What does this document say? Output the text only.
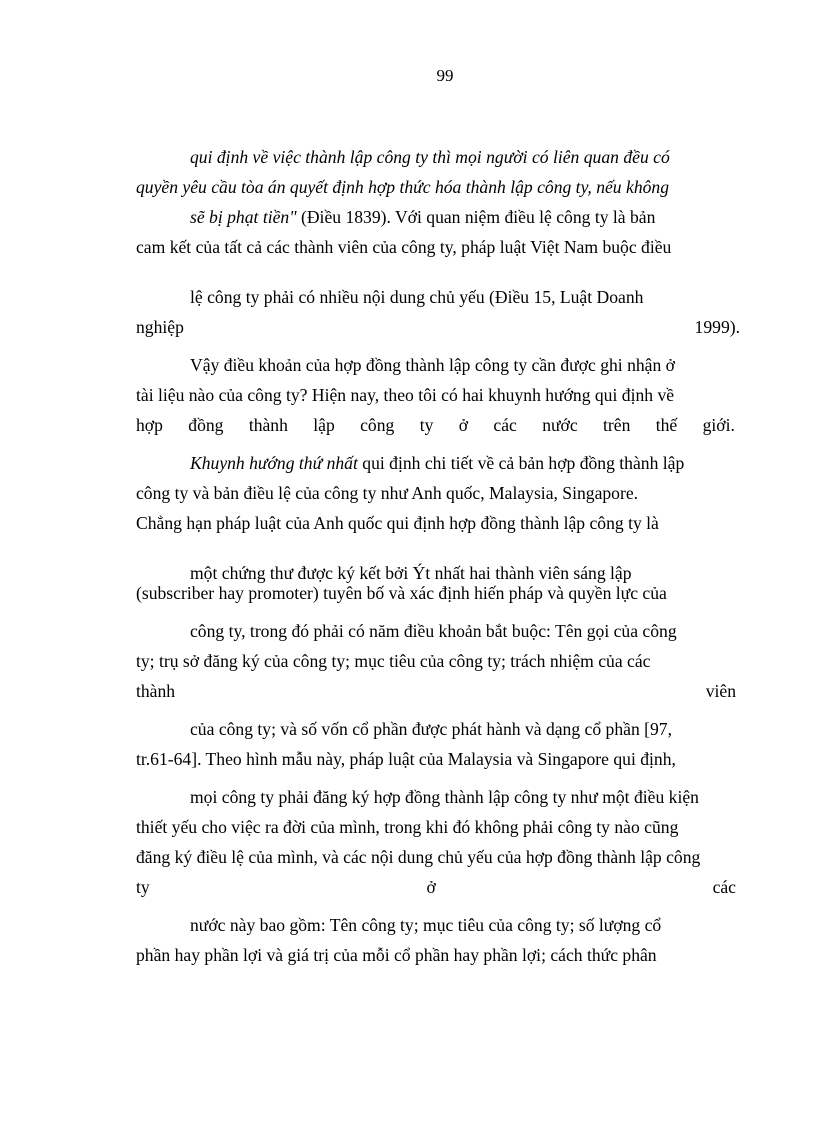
99
qui định về việc thành lập công ty thì mọi người có liên quan đều có
quyền yêu cầu tòa án quyết định hợp thức hóa thành lập công ty, nếu không
sẽ bị phạt tiền" (Điều 1839). Với quan niệm điều lệ công ty là bản
cam kết của tất cả các thành viên của công ty, pháp luật Việt Nam buộc điều
lệ công ty phải có nhiều nội dung chủ yếu (Điều 15, Luật Doanh
nghiệp	1999).
Vậy điều khoản của hợp đồng thành lập công ty cần được ghi nhận ở
tài liệu nào của công ty? Hiện nay, theo tôi có hai khuynh hướng qui định về
hợp đồng thành lập công ty ở các nước trên thế giới.
Khuynh hướng thứ nhất qui định chi tiết về cả bản hợp đồng thành lập
công ty và bản điều lệ của công ty như Anh quốc, Malaysia, Singapore.
Chẳng hạn pháp luật của Anh quốc qui định hợp đồng thành lập công ty là
một chứng thư được ký kết bởi Ýt nhất hai thành viên sáng lập
(subscriber hay promoter) tuyên bố và xác định hiến pháp và quyền lực của
công ty, trong đó phải có năm điều khoản bắt buộc: Tên gọi của công
ty; trụ sở đăng ký của công ty; mục tiêu của công ty; trách nhiệm của các
thành	viên
của công ty; và số vốn cổ phần được phát hành và dạng cổ phần [97,
tr.61-64]. Theo hình mẫu này, pháp luật của Malaysia và Singapore qui định,
mọi công ty phải đăng ký hợp đồng thành lập công ty như một điều kiện
thiết yếu cho việc ra đời của mình, trong khi đó không phải công ty nào cũng
đăng ký điều lệ của mình, và các nội dung chủ yếu của hợp đồng thành lập công
ty	ở	các
nước này bao gồm: Tên công ty; mục tiêu của công ty; số lượng cổ
phần hay phần lợi và giá trị của mỗi cổ phần hay phần lợi; cách thức phân
